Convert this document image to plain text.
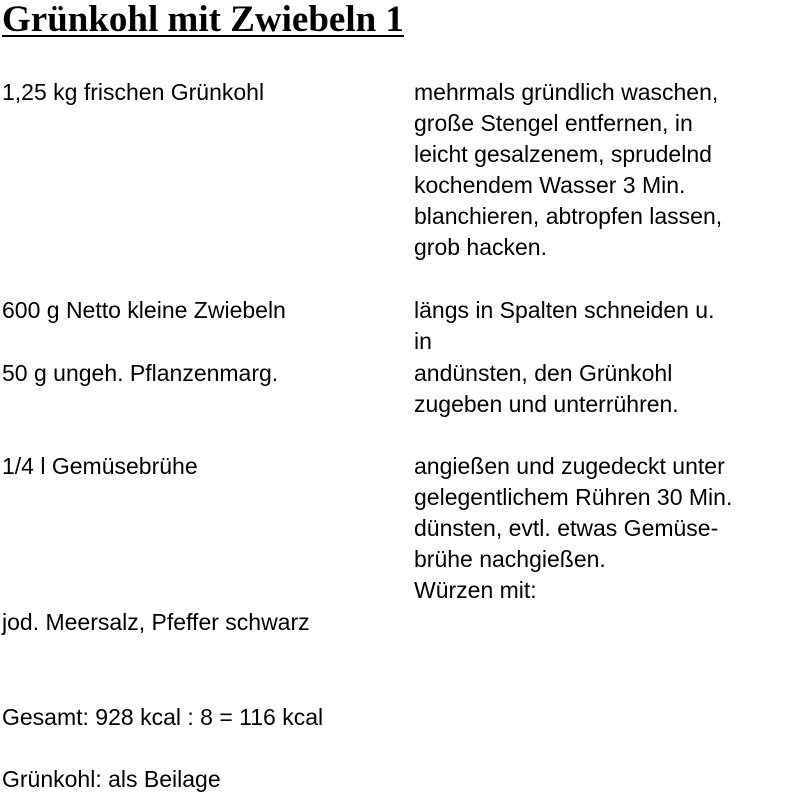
Grünkohl mit Zwiebeln 1
1,25 kg frischen Grünkohl	mehrmals gründlich waschen,
große Stengel entfernen, in
leicht gesalzenem, sprudelnd
kochendem Wasser 3 Min.
blanchieren, abtropfen lassen,
grob hacken.
600 g Netto kleine Zwiebeln	längs in Spalten schneiden u.
in
50 g ungeh. Pflanzenmarg.	andünsten, den Grünkohl
zugeben und unterrühren.
1/4 l Gemüsebrühe	angießen und zugedeckt unter
gelegentlichem Rühren 30 Min.
dünsten, evtl. etwas Gemüse-
brühe nachgießen.
Würzen mit:
jod. Meersalz, Pfeffer schwarz
Gesamt: 928 kcal : 8 = 116 kcal
Grünkohl: als Beilage
